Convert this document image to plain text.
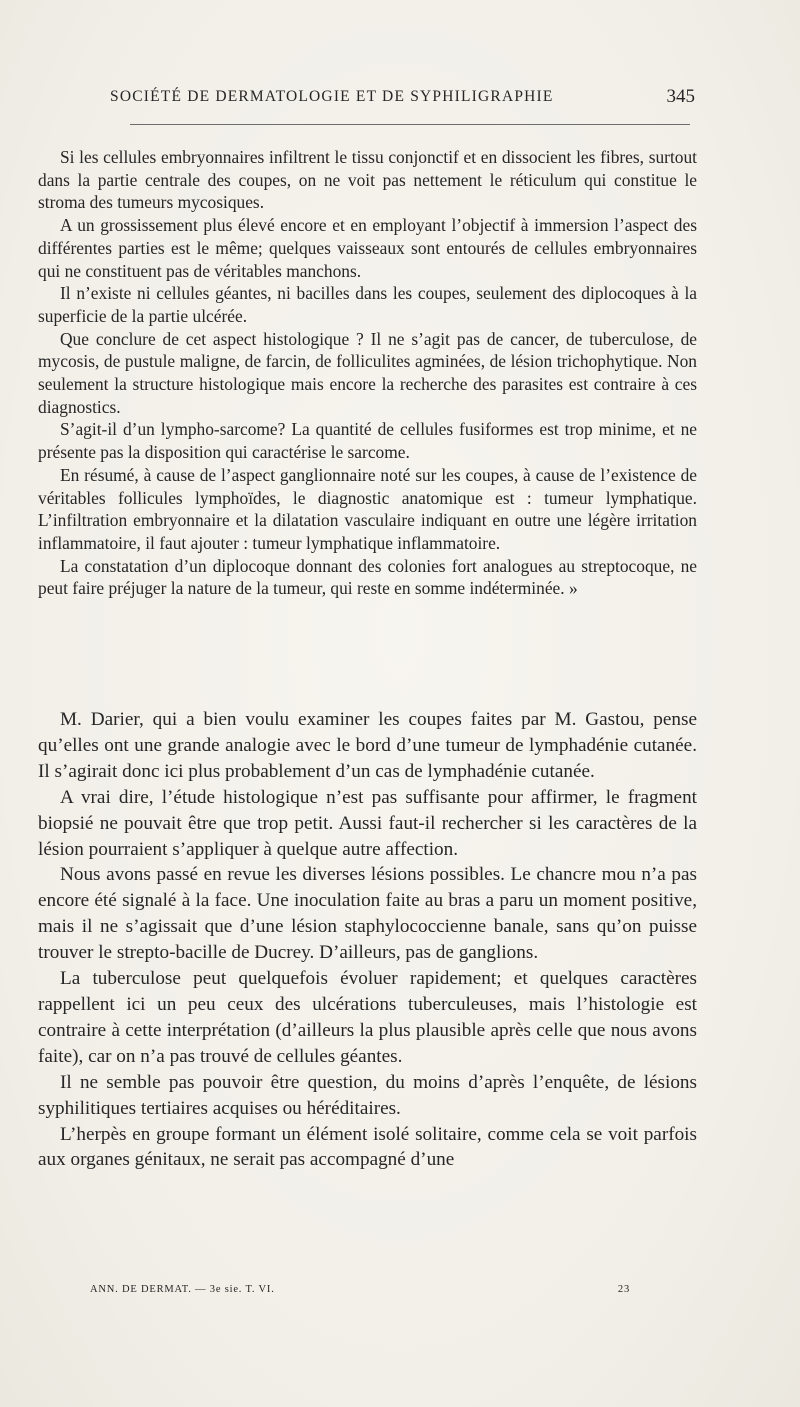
SOCIÉTÉ DE DERMATOLOGIE ET DE SYPHILIGRAPHIE	345

Si les cellules embryonnaires infiltrent le tissu conjonctif et en dissocient les fibres, surtout dans la partie centrale des coupes, on ne voit pas nettement le réticulum qui constitue le stroma des tumeurs mycosiques.

A un grossissement plus élevé encore et en employant l’objectif à immersion l’aspect des différentes parties est le même; quelques vaisseaux sont entourés de cellules embryonnaires qui ne constituent pas de véritables manchons.

Il n’existe ni cellules géantes, ni bacilles dans les coupes, seulement des diplocoques à la superficie de la partie ulcérée.

Que conclure de cet aspect histologique ? Il ne s’agit pas de cancer, de tuberculose, de mycosis, de pustule maligne, de farcin, de folliculites agminées, de lésion trichophytique. Non seulement la structure histologique mais encore la recherche des parasites est contraire à ces diagnostics.

S’agit-il d’un lympho-sarcome? La quantité de cellules fusiformes est trop minime, et ne présente pas la disposition qui caractérise le sarcome.

En résumé, à cause de l’aspect ganglionnaire noté sur les coupes, à cause de l’existence de véritables follicules lymphoïdes, le diagnostic anatomique est : tumeur lymphatique. L’infiltration embryonnaire et la dilatation vasculaire indiquant en outre une légère irritation inflammatoire, il faut ajouter : tumeur lymphatique inflammatoire.

La constatation d’un diplocoque donnant des colonies fort analogues au streptocoque, ne peut faire préjuger la nature de la tumeur, qui reste en somme indéterminée. »

M. Darier, qui a bien voulu examiner les coupes faites par M. Gastou, pense qu’elles ont une grande analogie avec le bord d’une tumeur de lymphadénie cutanée. Il s’agirait donc ici plus probablement d’un cas de lymphadénie cutanée.

A vrai dire, l’étude histologique n’est pas suffisante pour affirmer, le fragment biopsié ne pouvait être que trop petit. Aussi faut-il rechercher si les caractères de la lésion pourraient s’appliquer à quelque autre affection.

Nous avons passé en revue les diverses lésions possibles. Le chancre mou n’a pas encore été signalé à la face. Une inoculation faite au bras a paru un moment positive, mais il ne s’agissait que d’une lésion staphylococcienne banale, sans qu’on puisse trouver le strepto-bacille de Ducrey. D’ailleurs, pas de ganglions.

La tuberculose peut quelquefois évoluer rapidement; et quelques caractères rappellent ici un peu ceux des ulcérations tuberculeuses, mais l’histologie est contraire à cette interprétation (d’ailleurs la plus plausible après celle que nous avons faite), car on n’a pas trouvé de cellules géantes.

Il ne semble pas pouvoir être question, du moins d’après l’enquête, de lésions syphilitiques tertiaires acquises ou héréditaires.

L’herpès en groupe formant un élément isolé solitaire, comme cela se voit parfois aux organes génitaux, ne serait pas accompagné d’une

ANN. DE DERMAT. — 3e sie. T. VI.	23
